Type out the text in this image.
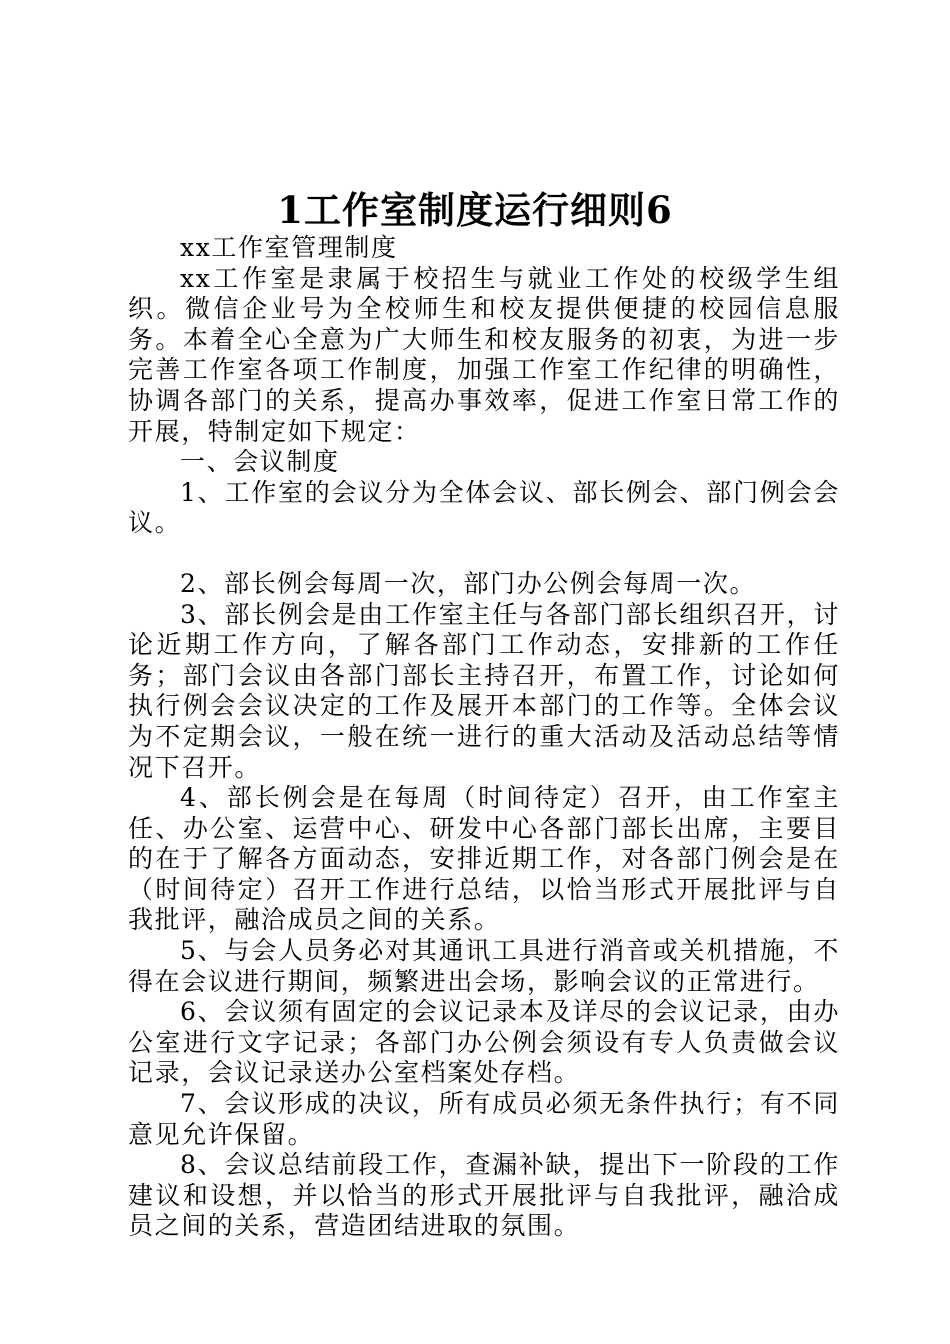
1工作室制度运行细则6

xx工作室管理制度

xx工作室是隶属于校招生与就业工作处的校级学生组织。微信企业号为全校师生和校友提供便捷的校园信息服务。本着全心全意为广大师生和校友服务的初衷，为进一步完善工作室各项工作制度，加强工作室工作纪律的明确性，协调各部门的关系，提高办事效率，促进工作室日常工作的开展，特制定如下规定：

一、会议制度

1、工作室的会议分为全体会议、部长例会、部门例会会议。

2、部长例会每周一次，部门办公例会每周一次。

3、部长例会是由工作室主任与各部门部长组织召开，讨论近期工作方向，了解各部门工作动态，安排新的工作任务；部门会议由各部门部长主持召开，布置工作，讨论如何执行例会会议决定的工作及展开本部门的工作等。全体会议为不定期会议，一般在统一进行的重大活动及活动总结等情况下召开。

4、部长例会是在每周（时间待定）召开，由工作室主任、办公室、运营中心、研发中心各部门部长出席，主要目的在于了解各方面动态，安排近期工作，对各部门例会是在（时间待定）召开工作进行总结，以恰当形式开展批评与自我批评，融洽成员之间的关系。

5、与会人员务必对其通讯工具进行消音或关机措施，不得在会议进行期间，频繁进出会场，影响会议的正常进行。

6、会议须有固定的会议记录本及详尽的会议记录，由办公室进行文字记录；各部门办公例会须设有专人负责做会议记录，会议记录送办公室档案处存档。

7、会议形成的决议，所有成员必须无条件执行；有不同意见允许保留。

8、会议总结前段工作，查漏补缺，提出下一阶段的工作建议和设想，并以恰当的形式开展批评与自我批评，融洽成员之间的关系，营造团结进取的氛围。
